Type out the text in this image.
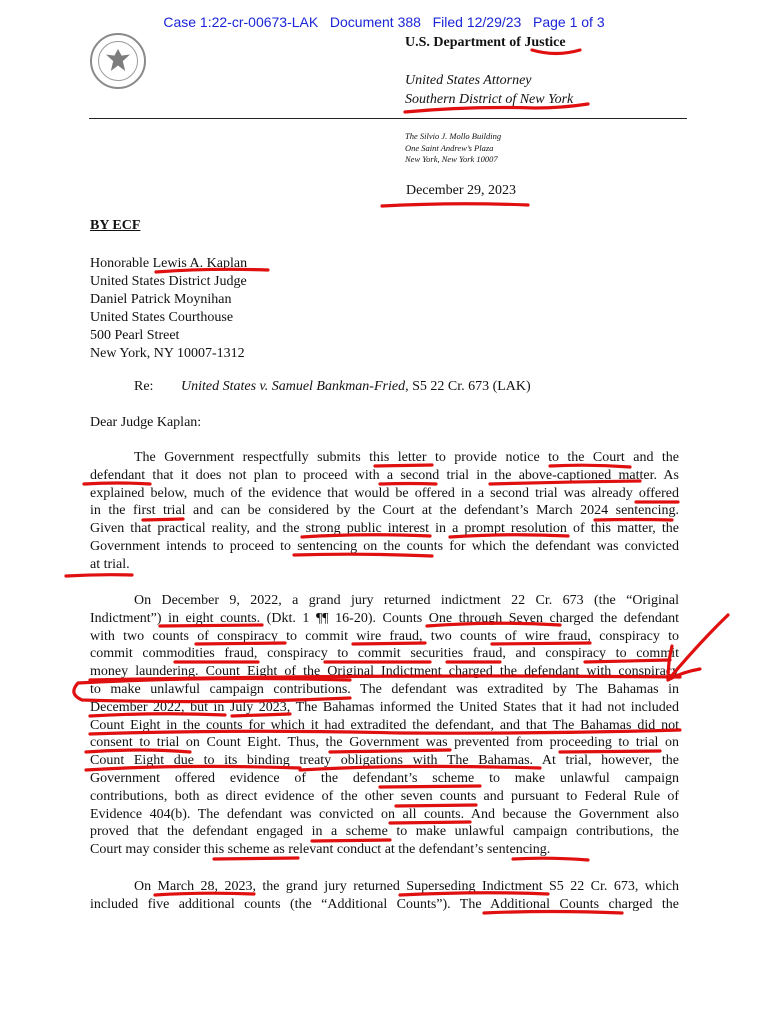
Case 1:22-cr-00673-LAK   Document 388   Filed 12/29/23   Page 1 of 3
U.S. Department of Justice
United States Attorney
Southern District of New York
The Silvio J. Mollo Building
One Saint Andrew’s Plaza
New York, New York 10007
December 29, 2023
BY ECF
Honorable Lewis A. Kaplan
United States District Judge
Daniel Patrick Moynihan
United States Courthouse
500 Pearl Street
New York, NY 10007-1312
Re: United States v. Samuel Bankman-Fried, S5 22 Cr. 673 (LAK)
Dear Judge Kaplan:
The Government respectfully submits this letter to provide notice to the Court and the
defendant that it does not plan to proceed with a second trial in the above-captioned matter. As
explained below, much of the evidence that would be offered in a second trial was already offered
in the first trial and can be considered by the Court at the defendant’s March 2024 sentencing.
Given that practical reality, and the strong public interest in a prompt resolution of this matter, the
Government intends to proceed to sentencing on the counts for which the defendant was convicted
at trial.
On December 9, 2022, a grand jury returned indictment 22 Cr. 673 (the “Original
Indictment”) in eight counts. (Dkt. 1 ¶¶ 16-20). Counts One through Seven charged the defendant
with two counts of conspiracy to commit wire fraud, two counts of wire fraud, conspiracy to
commit commodities fraud, conspiracy to commit securities fraud, and conspiracy to commit
money laundering. Count Eight of the Original Indictment charged the defendant with conspiracy
to make unlawful campaign contributions. The defendant was extradited by The Bahamas in
December 2022, but in July 2023, The Bahamas informed the United States that it had not included
Count Eight in the counts for which it had extradited the defendant, and that The Bahamas did not
consent to trial on Count Eight. Thus, the Government was prevented from proceeding to trial on
Count Eight due to its binding treaty obligations with The Bahamas. At trial, however, the
Government offered evidence of the defendant’s scheme to make unlawful campaign
contributions, both as direct evidence of the other seven counts and pursuant to Federal Rule of
Evidence 404(b). The defendant was convicted on all counts. And because the Government also
proved that the defendant engaged in a scheme to make unlawful campaign contributions, the
Court may consider this scheme as relevant conduct at the defendant’s sentencing.
On March 28, 2023, the grand jury returned Superseding Indictment S5 22 Cr. 673, which
included five additional counts (the “Additional Counts”). The Additional Counts charged the
